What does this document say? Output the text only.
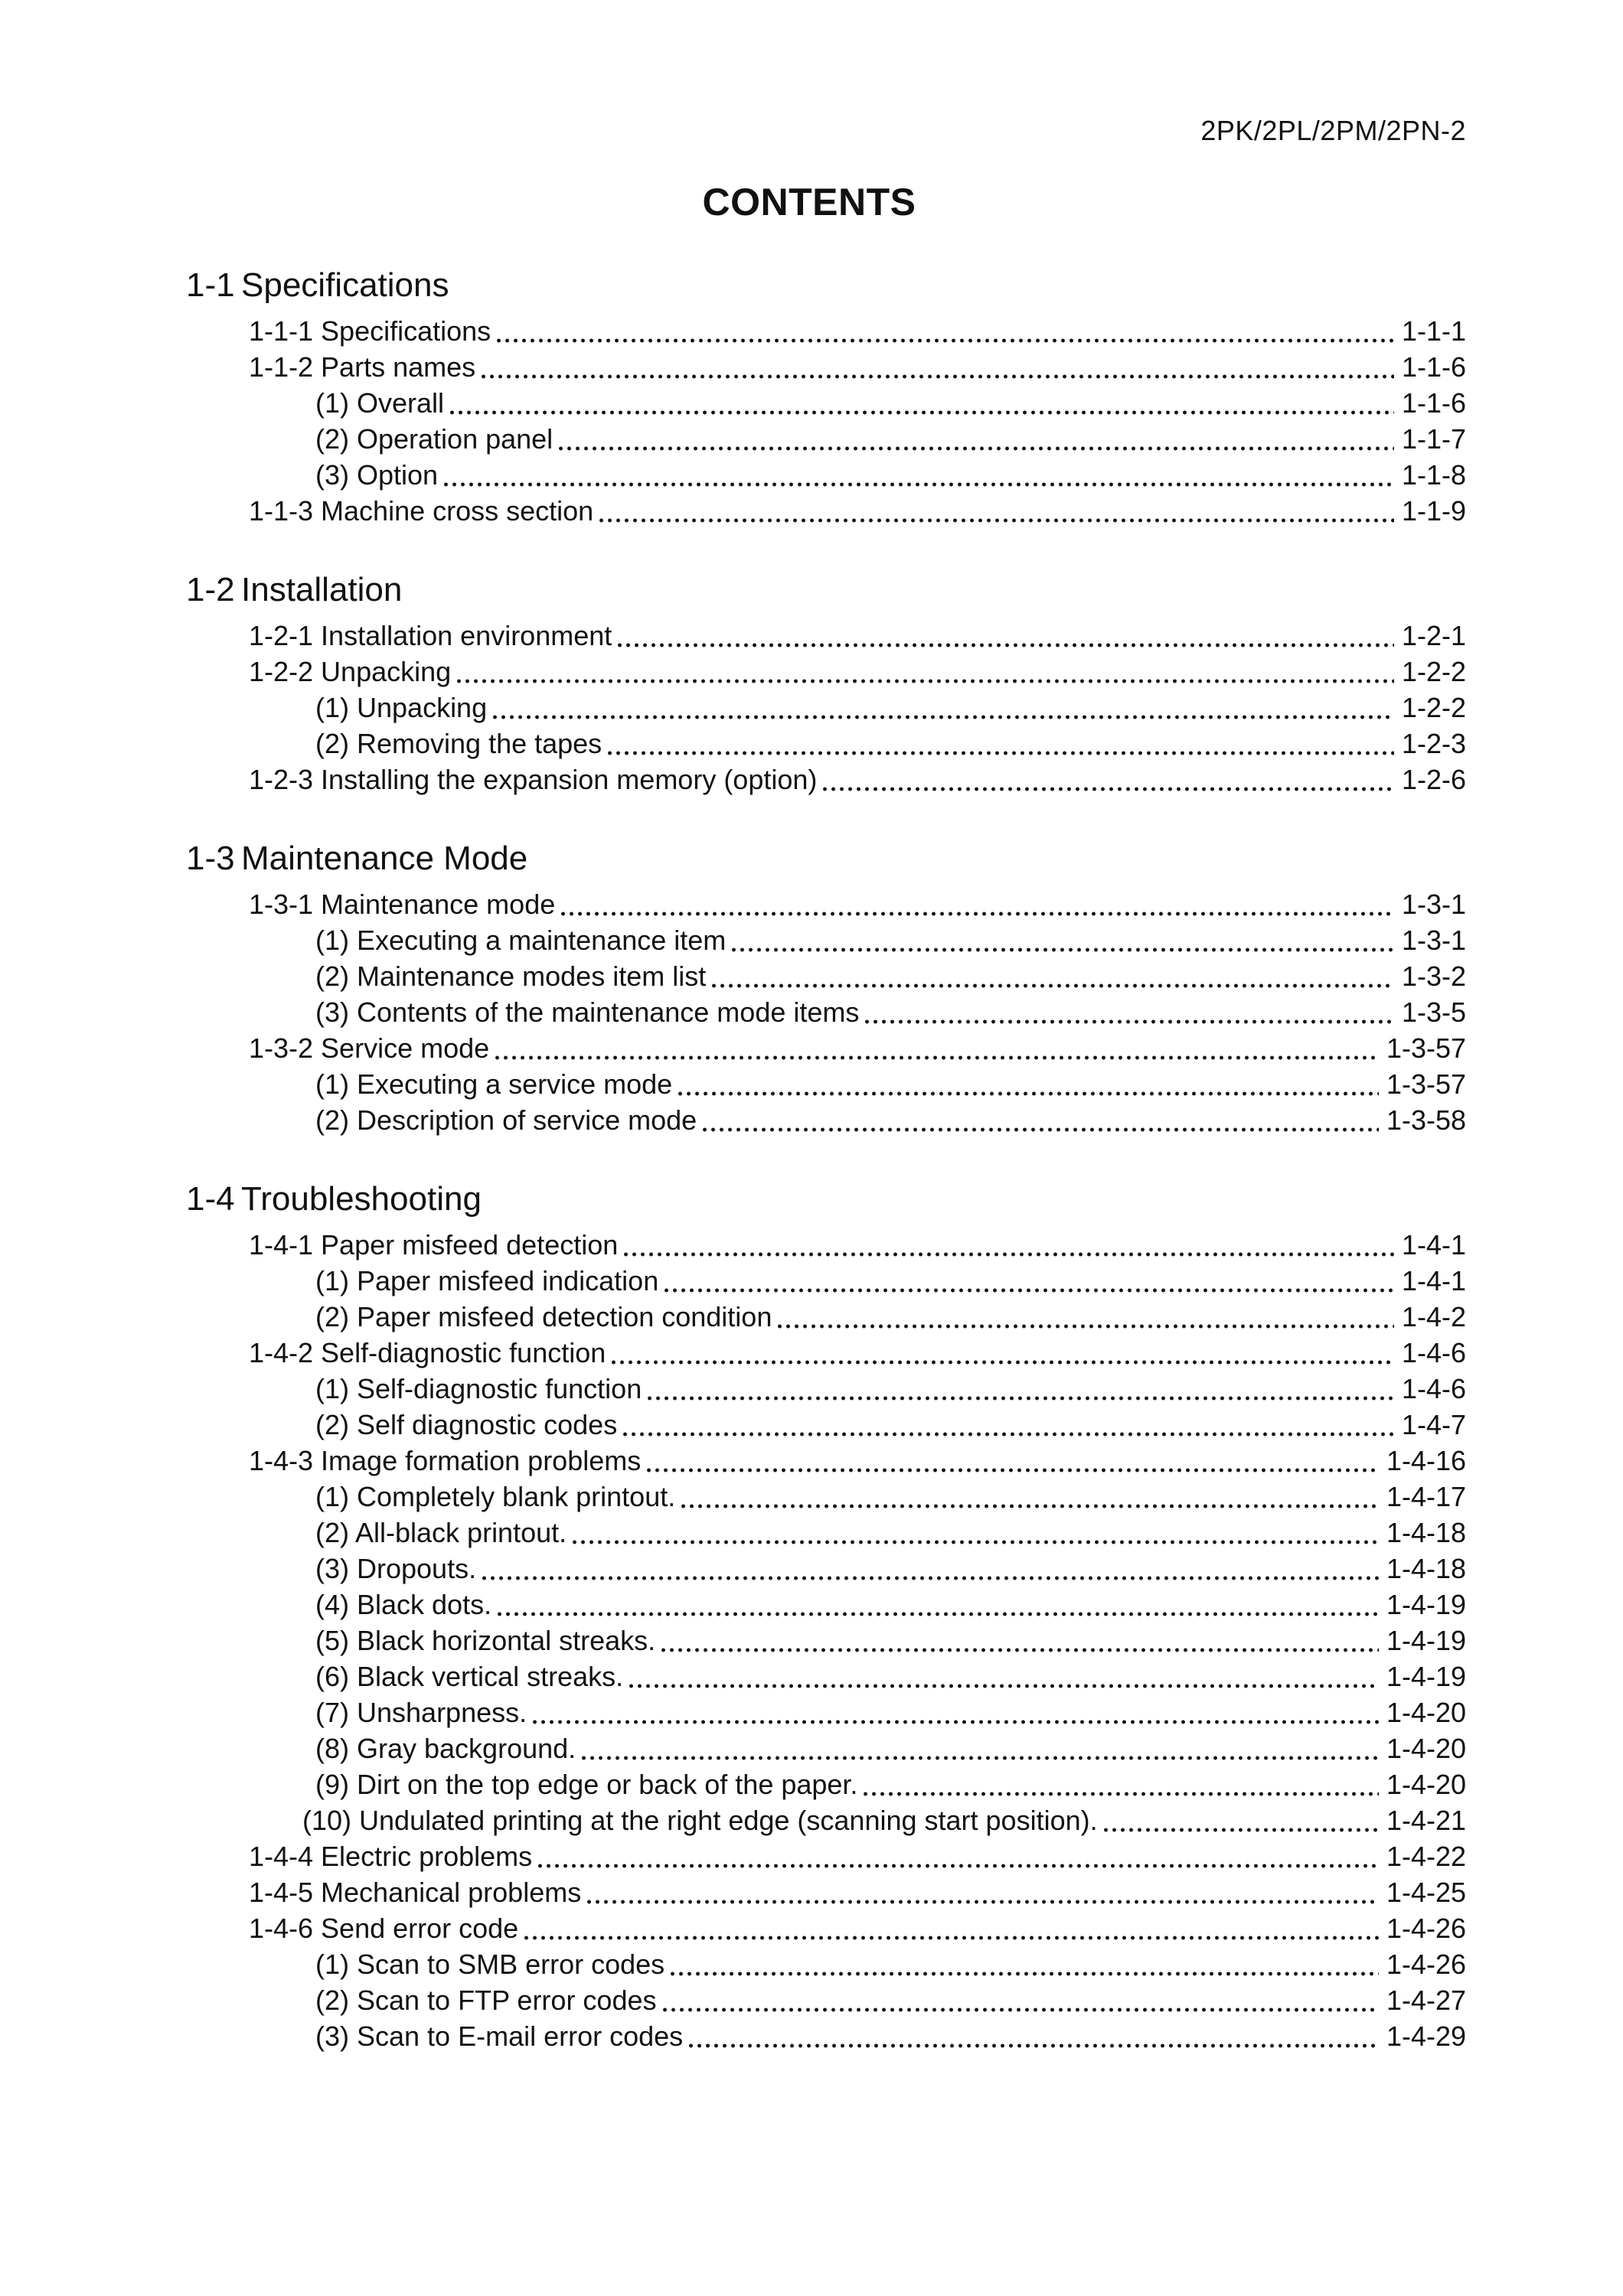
2PK/2PL/2PM/2PN-2
CONTENTS
1-1 Specifications
1-1-1 Specifications	1-1-1
1-1-2 Parts names	1-1-6
(1) Overall	1-1-6
(2) Operation panel	1-1-7
(3) Option	1-1-8
1-1-3 Machine cross section	1-1-9
1-2 Installation
1-2-1 Installation environment	1-2-1
1-2-2 Unpacking	1-2-2
(1) Unpacking	1-2-2
(2) Removing the tapes	1-2-3
1-2-3 Installing the expansion memory (option)	1-2-6
1-3 Maintenance Mode
1-3-1 Maintenance mode	1-3-1
(1) Executing a maintenance item	1-3-1
(2) Maintenance modes item list	1-3-2
(3) Contents of the maintenance mode items	1-3-5
1-3-2 Service mode	1-3-57
(1) Executing a service mode	1-3-57
(2) Description of service mode	1-3-58
1-4 Troubleshooting
1-4-1 Paper misfeed detection	1-4-1
(1) Paper misfeed indication	1-4-1
(2) Paper misfeed detection condition	1-4-2
1-4-2 Self-diagnostic function	1-4-6
(1) Self-diagnostic function	1-4-6
(2) Self diagnostic codes	1-4-7
1-4-3 Image formation problems	1-4-16
(1) Completely blank printout.	1-4-17
(2) All-black printout.	1-4-18
(3) Dropouts.	1-4-18
(4) Black dots.	1-4-19
(5) Black horizontal streaks.	1-4-19
(6) Black vertical streaks.	1-4-19
(7) Unsharpness.	1-4-20
(8) Gray background.	1-4-20
(9) Dirt on the top edge or back of the paper.	1-4-20
(10) Undulated printing at the right edge (scanning start position).	1-4-21
1-4-4 Electric problems	1-4-22
1-4-5 Mechanical problems	1-4-25
1-4-6 Send error code	1-4-26
(1) Scan to SMB error codes	1-4-26
(2) Scan to FTP error codes	1-4-27
(3) Scan to E-mail error codes	1-4-29
